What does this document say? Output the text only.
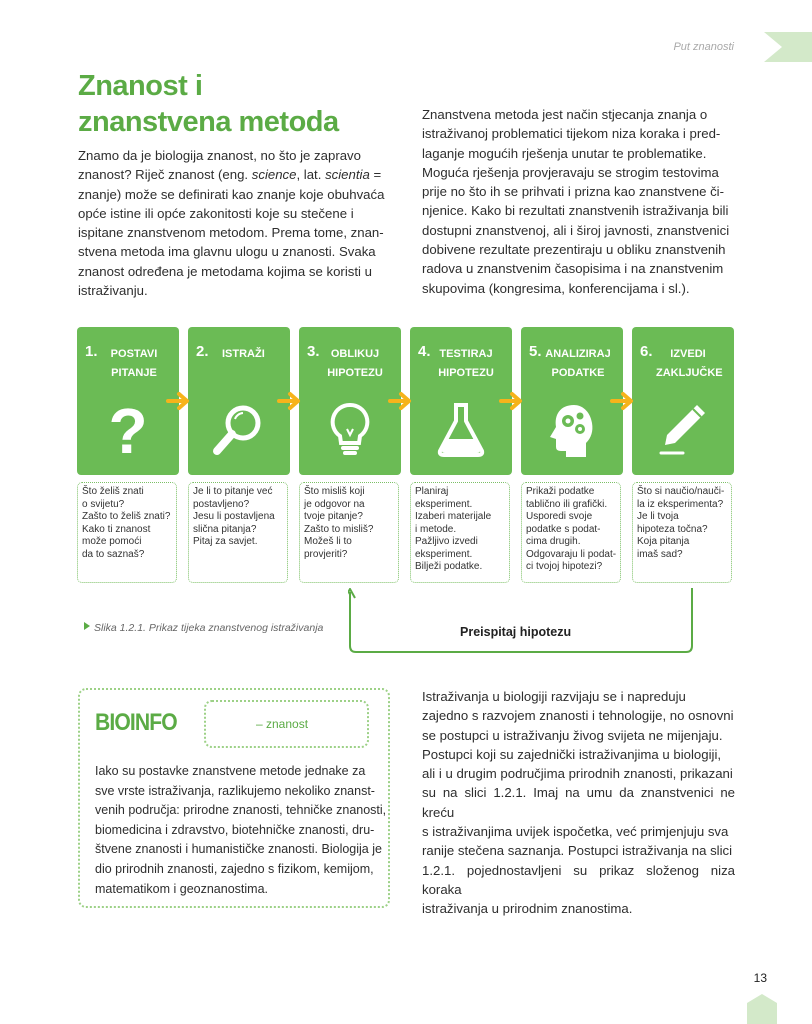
Put znanosti
Znanost i
znanstvena metoda
Znamo da je biologija znanost, no što je zapravo
znanost? Riječ znanost (eng. science, lat. scientia =
znanje) može se definirati kao znanje koje obuhvaća
opće istine ili opće zakonitosti koje su stečene i
ispitane znanstvenom metodom. Prema tome, znan-
stvena metoda ima glavnu ulogu u znanosti. Svaka
znanost određena je metodama kojima se koristi u
istraživanju.
Znanstvena metoda jest način stjecanja znanja o
istraživanoj problematici tijekom niza koraka i pred-
laganje mogućih rješenja unutar te problematike.
Moguća rješenja provjeravaju se strogim testovima
prije no što ih se prihvati i prizna kao znanstvene či-
njenice. Kako bi rezultati znanstvenih istraživanja bili
dostupni znanstvenoj, ali i široj javnosti, znanstvenici
dobivene rezultate prezentiraju u obliku znanstvenih
radova u znanstvenim časopisima i na znanstvenim
skupovima (kongresima, konferencijama i sl.).
1.	POSTAVI PITANJE
?
2.	ISTRAŽI	3.	OBLIKUJ HIPOTEZU
4. TESTIRAJ HIPOTEZU
5. ANALIZIRAJ PODATKE
6.	IZVEDI ZAKLJUČKE
Što želiš znati
o svijetu?
Zašto to želiš znati?
Kako ti znanost
može pomoći
da to saznaš?
Je li to pitanje već
postavljeno?
Jesu li postavljena
slična pitanja?
Pitaj za savjet.
Što misliš koji
je odgovor na
tvoje pitanje?
Zašto to misliš?
Možeš li to
provjeriti?
Planiraj
eksperiment.
Izaberi materijale
i metode.
Pažljivo izvedi
eksperiment.
Bilježi podatke.
Prikaži podatke
tablično ili grafički.
Usporedi svoje
podatke s podat-
cima drugih.
Odgovaraju li podat-
ci tvojoj hipotezi?
Što si naučio/nauči-
la iz eksperimenta?
Je li tvoja
hipoteza točna?
Koja pitanja
imaš sad?
Preispitaj hipotezu
Slika 1.2.1. Prikaz tijeka znanstvenog istraživanja
BIOINFO	– znanost
Iako su postavke znanstvene metode jednake za
sve vrste istraživanja, razlikujemo nekoliko znanst-
venih područja: prirodne znanosti, tehničke znanosti,
biomedicina i zdravstvo, biotehničke znanosti, dru-
štvene znanosti i humanističke znanosti. Biologija je
dio prirodnih znanosti, zajedno s fizikom, kemijom,
matematikom i geoznanostima.
Istraživanja u biologiji razvijaju se i napreduju
zajedno s razvojem znanosti i tehnologije, no osnovni
se postupci u istraživanju živog svijeta ne mijenjaju.
Postupci koji su zajednički istraživanjima u biologiji,
ali i u drugim područjima prirodnih znanosti, prikazani
su na slici 1.2.1. Imaj na umu da znanstvenici ne kreću
s istraživanjima uvijek ispočetka, već primjenjuju sva
ranije stečena saznanja. Postupci istraživanja na slici
1.2.1. pojednostavljeni su prikaz složenog niza koraka
istraživanja u prirodnim znanostima.
13
